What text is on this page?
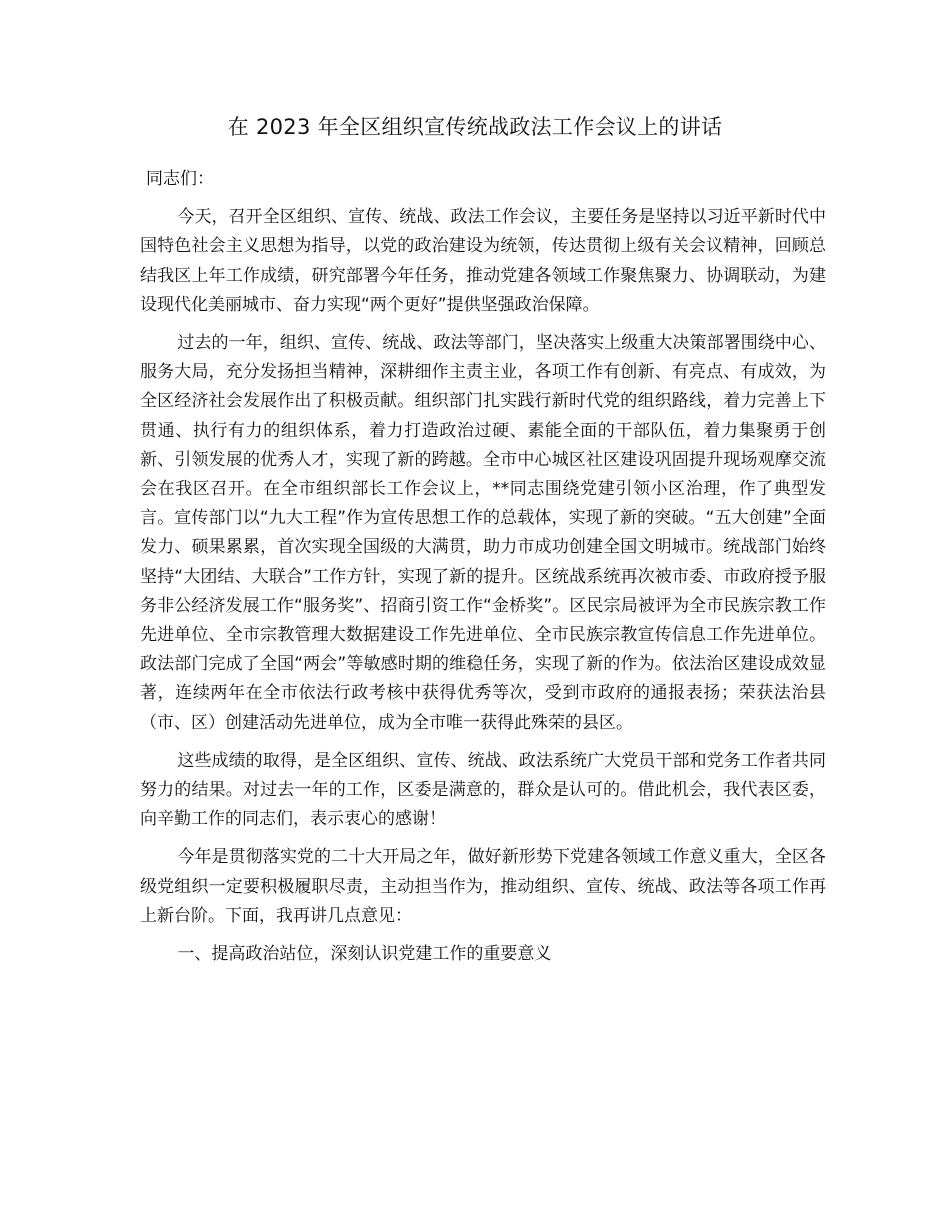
在 2023 年全区组织宣传统战政法工作会议上的讲话

同志们：

今天，召开全区组织、宣传、统战、政法工作会议，主要任务是坚持以习近平新时代中国特色社会主义思想为指导，以党的政治建设为统领，传达贯彻上级有关会议精神，回顾总结我区上年工作成绩，研究部署今年任务，推动党建各领域工作聚焦聚力、协调联动，为建设现代化美丽城市、奋力实现“两个更好”提供坚强政治保障。

过去的一年，组织、宣传、统战、政法等部门，坚决落实上级重大决策部署围绕中心、服务大局，充分发扬担当精神，深耕细作主责主业，各项工作有创新、有亮点、有成效，为全区经济社会发展作出了积极贡献。组织部门扎实践行新时代党的组织路线，着力完善上下贯通、执行有力的组织体系，着力打造政治过硬、素能全面的干部队伍，着力集聚勇于创新、引领发展的优秀人才，实现了新的跨越。全市中心城区社区建设巩固提升现场观摩交流会在我区召开。在全市组织部长工作会议上，**同志围绕党建引领小区治理，作了典型发言。宣传部门以“九大工程”作为宣传思想工作的总载体，实现了新的突破。“五大创建”全面发力、硕果累累，首次实现全国级的大满贯，助力市成功创建全国文明城市。统战部门始终坚持“大团结、大联合”工作方针，实现了新的提升。区统战系统再次被市委、市政府授予服务非公经济发展工作“服务奖”、招商引资工作“金桥奖”。区民宗局被评为全市民族宗教工作先进单位、全市宗教管理大数据建设工作先进单位、全市民族宗教宣传信息工作先进单位。政法部门完成了全国“两会”等敏感时期的维稳任务，实现了新的作为。依法治区建设成效显著，连续两年在全市依法行政考核中获得优秀等次，受到市政府的通报表扬；荣获法治县（市、区）创建活动先进单位，成为全市唯一获得此殊荣的县区。

这些成绩的取得，是全区组织、宣传、统战、政法系统广大党员干部和党务工作者共同努力的结果。对过去一年的工作，区委是满意的，群众是认可的。借此机会，我代表区委，向辛勤工作的同志们，表示衷心的感谢！

今年是贯彻落实党的二十大开局之年，做好新形势下党建各领域工作意义重大，全区各级党组织一定要积极履职尽责，主动担当作为，推动组织、宣传、统战、政法等各项工作再上新台阶。下面，我再讲几点意见：

一、提高政治站位，深刻认识党建工作的重要意义
